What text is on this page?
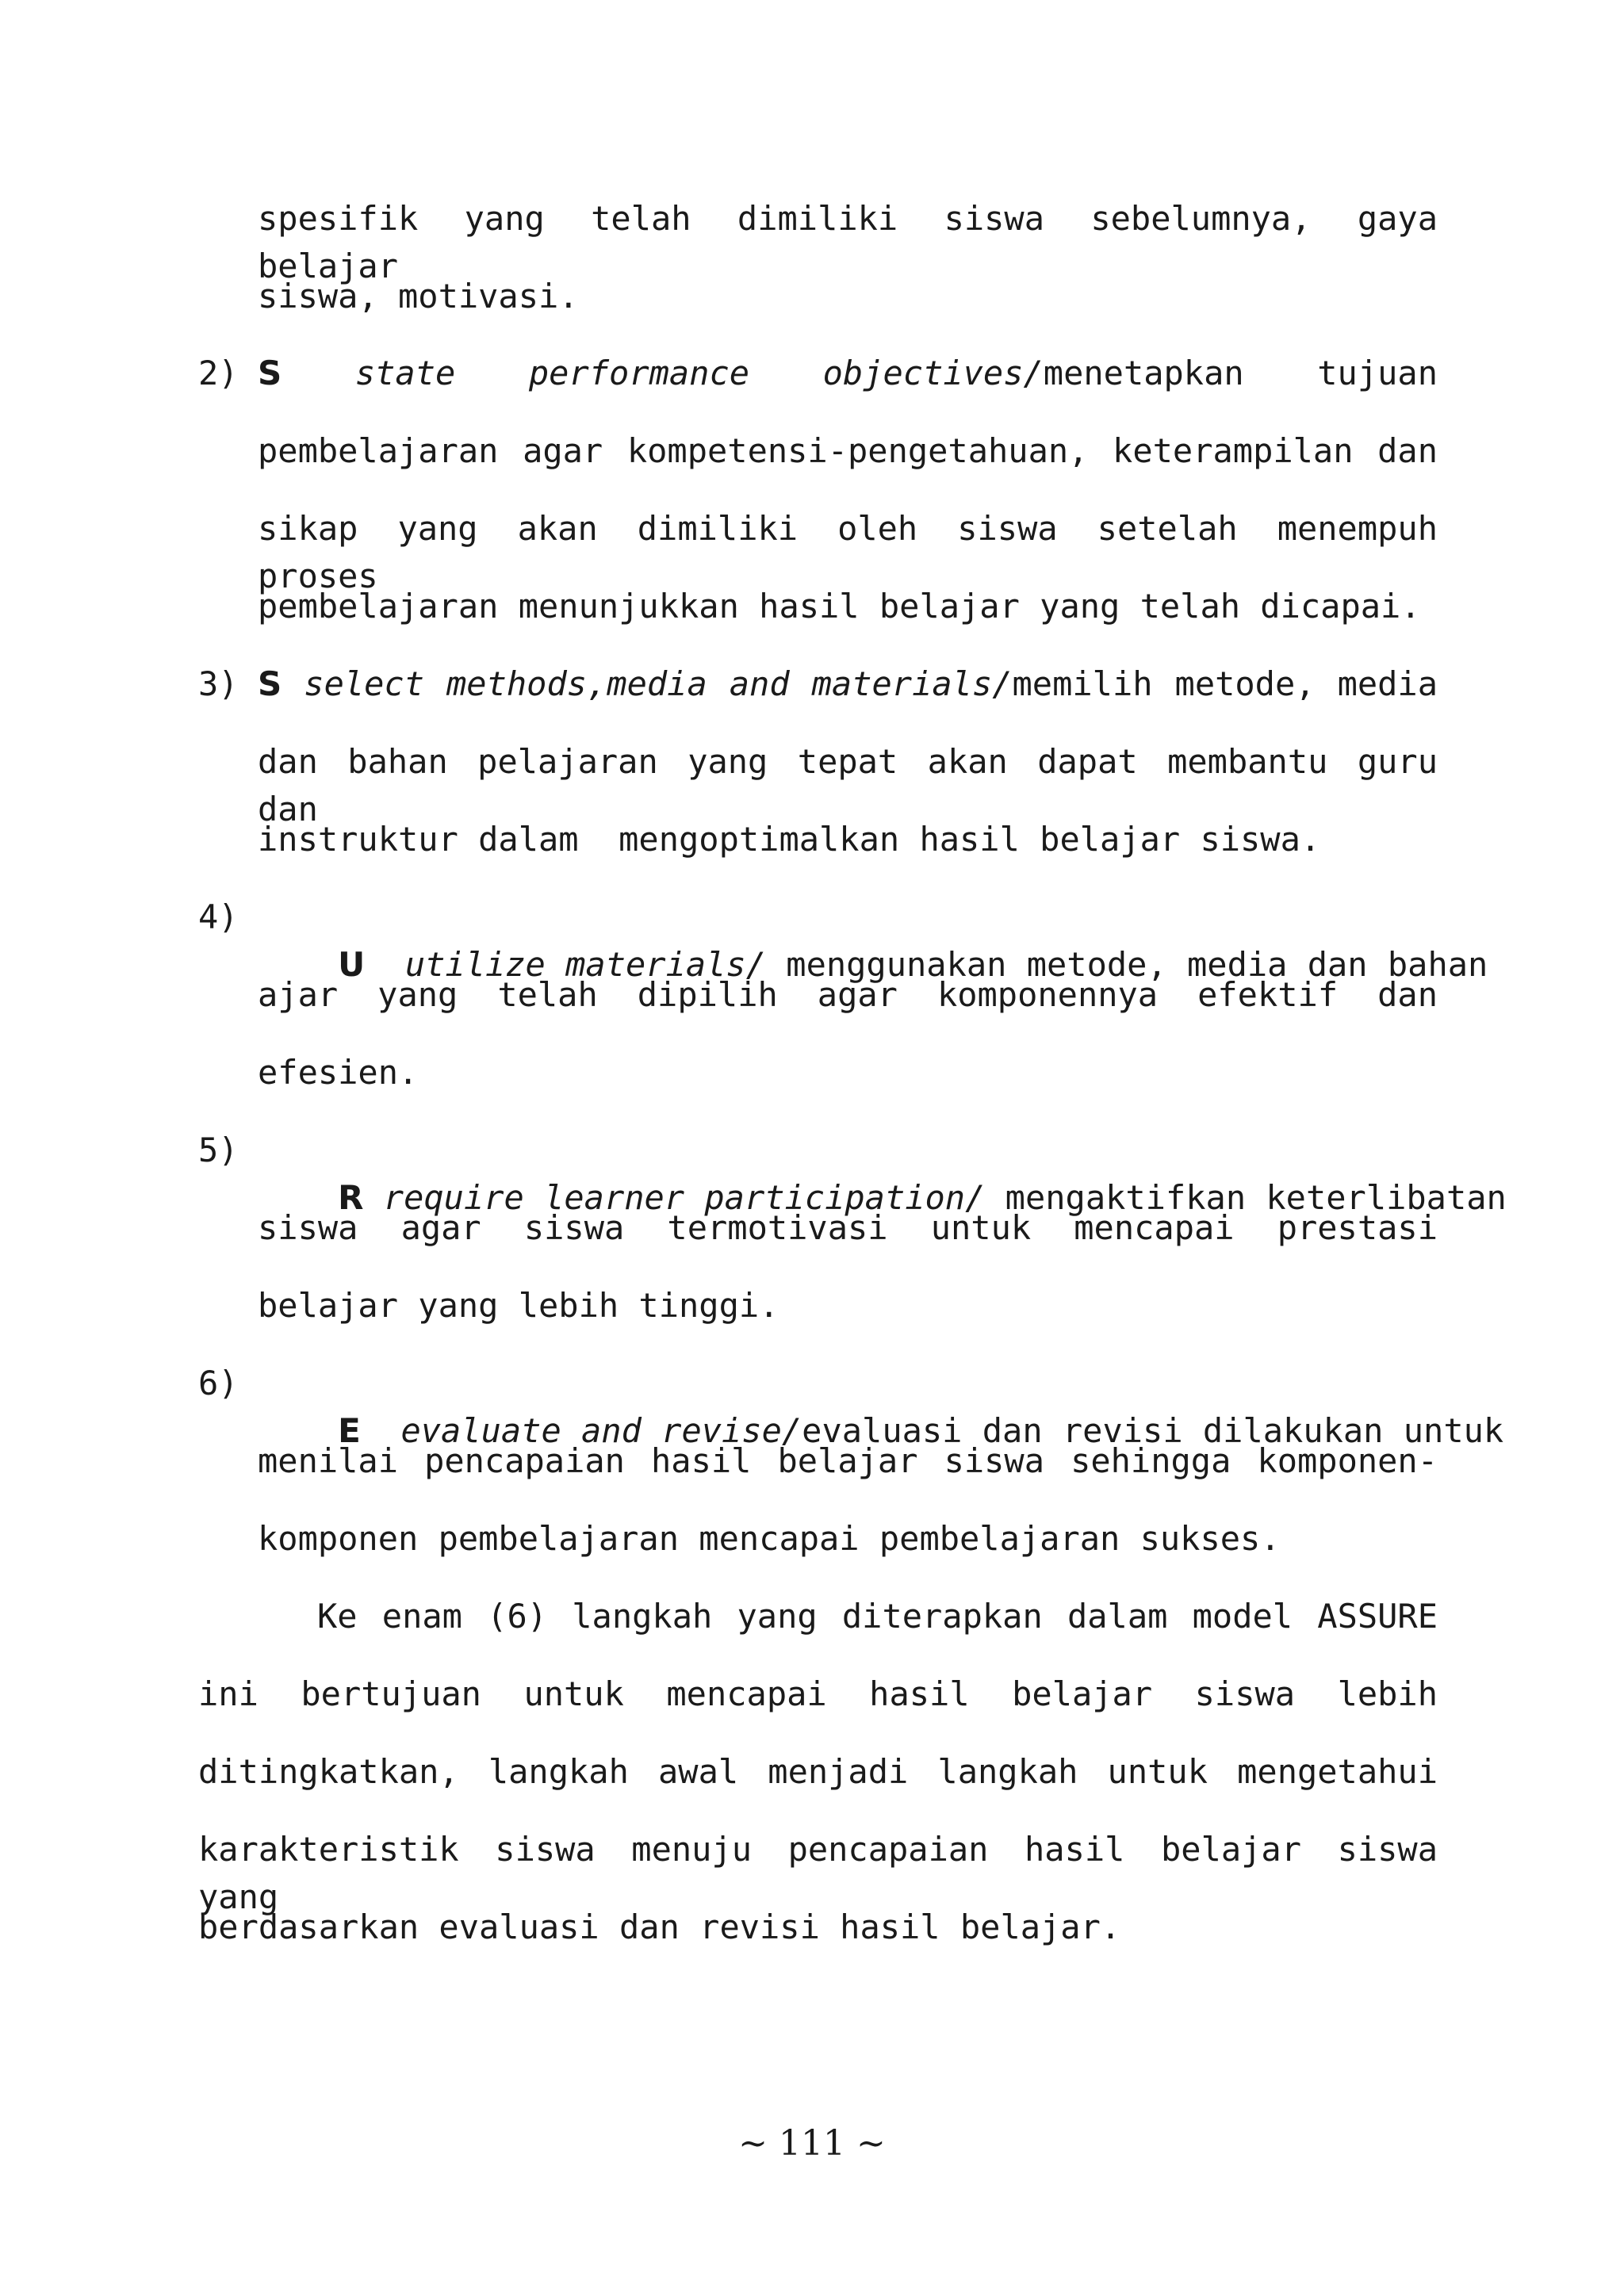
spesifik yang telah dimiliki siswa sebelumnya, gaya belajar
siswa, motivasi.
2) S state performance objectives/menetapkan tujuan
pembelajaran agar kompetensi-pengetahuan, keterampilan dan
sikap yang akan dimiliki oleh siswa setelah menempuh proses
pembelajaran menunjukkan hasil belajar yang telah dicapai.
3) S select methods,media and materials/memilih metode, media
dan bahan pelajaran yang tepat akan dapat membantu guru dan
instruktur dalam  mengoptimalkan hasil belajar siswa.
4)

U utilize materials/ menggunakan metode, media dan bahan

ajar yang telah dipilih agar komponennya efektif dan
efesien.
5)

R require learner participation/ mengaktifkan keterlibatan

siswa agar siswa termotivasi untuk mencapai prestasi
belajar yang lebih tinggi.
6)

E evaluate and revise/evaluasi dan revisi dilakukan untuk

menilai pencapaian hasil belajar siswa sehingga komponen-
komponen pembelajaran mencapai pembelajaran sukses.
Ke enam (6) langkah yang diterapkan dalam model ASSURE
ini bertujuan untuk mencapai hasil belajar siswa lebih
ditingkatkan, langkah awal menjadi langkah untuk mengetahui
karakteristik siswa menuju pencapaian hasil belajar siswa yang
berdasarkan evaluasi dan revisi hasil belajar.
~ 111 ~
